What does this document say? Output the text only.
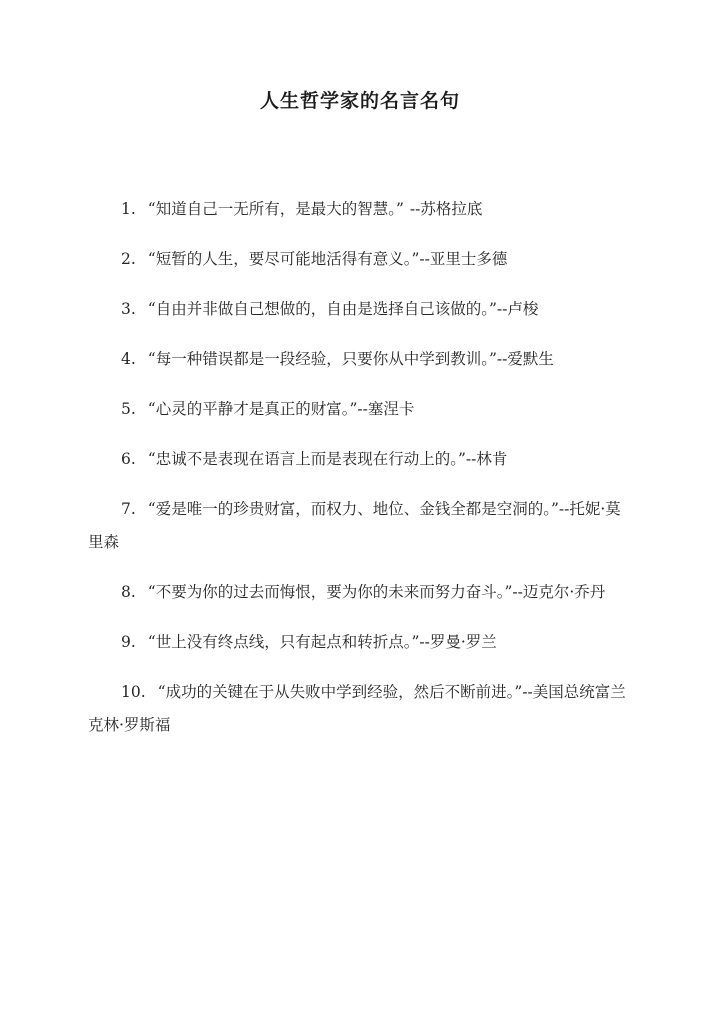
人生哲学家的名言名句
1. “知道自己一无所有，是最大的智慧。” --苏格拉底
2. “短暂的人生，要尽可能地活得有意义。”--亚里士多德
3. “自由并非做自己想做的，自由是选择自己该做的。”--卢梭
4. “每一种错误都是一段经验，只要你从中学到教训。”--爱默生
5. “心灵的平静才是真正的财富。”--塞涅卡
6. “忠诚不是表现在语言上而是表现在行动上的。”--林肯
7. “爱是唯一的珍贵财富，而权力、地位、金钱全都是空洞的。”--托妮·莫里森
8. “不要为你的过去而悔恨，要为你的未来而努力奋斗。”--迈克尔·乔丹
9. “世上没有终点线，只有起点和转折点。”--罗曼·罗兰
10. “成功的关键在于从失败中学到经验，然后不断前进。”--美国总统富兰克林·罗斯福
